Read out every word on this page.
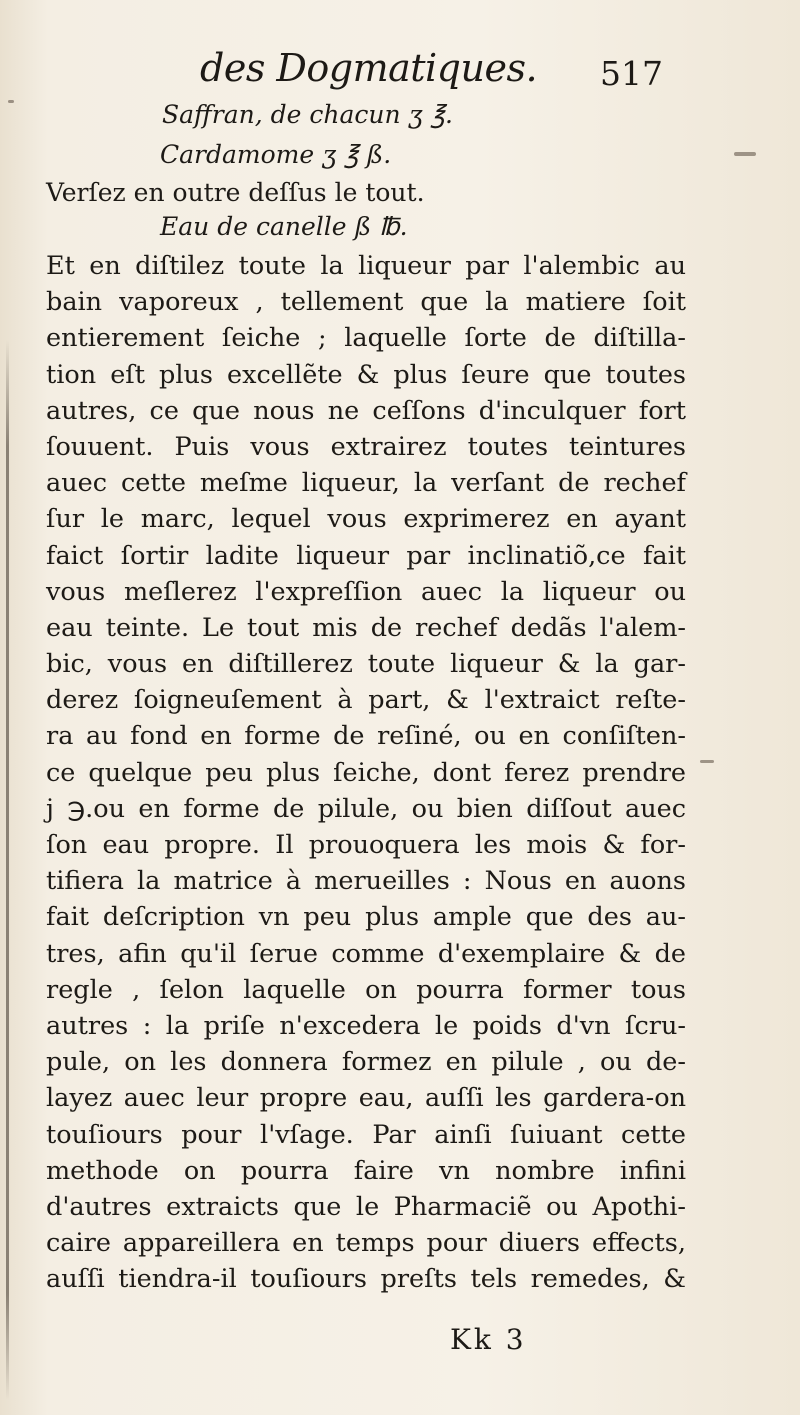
des Dogmatiques. 517
Saffran, de chacun ʒ ℥.
Cardamome ʒ ℥ ß.
Verſez en outre deſſus le tout.
Eau de canelle ß ℔.
Et en diſtilez toute la liqueur par l'alembic au
bain vaporeux , tellement que la matiere ſoit
entierement ſeiche ; laquelle ſorte de diſtilla-
tion eſt plus excellẽte & plus ſeure que toutes
autres, ce que nous ne ceſſons d'inculquer fort
ſouuent. Puis vous extrairez toutes teintures
auec cette meſme liqueur, la verſant de rechef
ſur le marc, lequel vous exprimerez en ayant
faict ſortir ladite liqueur par inclinatiõ,ce fait
vous meſlerez l'expreſſion auec la liqueur ou
eau teinte. Le tout mis de rechef dedãs l'alem-
bic, vous en diſtillerez toute liqueur & la gar-
derez ſoigneuſement à part, & l'extraict reſte-
ra au fond en forme de reſiné, ou en conſiſten-
ce quelque peu plus ſeiche, dont ferez prendre
j ℈.ou en forme de pilule, ou bien diſſout auec
ſon eau propre. Il prouoquera les mois & for-
tifiera la matrice à merueilles : Nous en auons
fait deſcription vn peu plus ample que des au-
tres, afin qu'il ſerue comme d'exemplaire & de
regle , ſelon laquelle on pourra former tous
autres : la priſe n'excedera le poids d'vn ſcru-
pule, on les donnera formez en pilule , ou de-
layez auec leur propre eau, auſſi les gardera-on
touſiours pour l'vſage. Par ainſi ſuiuant cette
methode on pourra faire vn nombre infini
d'autres extraicts que le Pharmaciẽ ou Apothi-
caire appareillera en temps pour diuers effects,
auſſi tiendra-il touſiours preſts tels remedes, &
Kk 3
